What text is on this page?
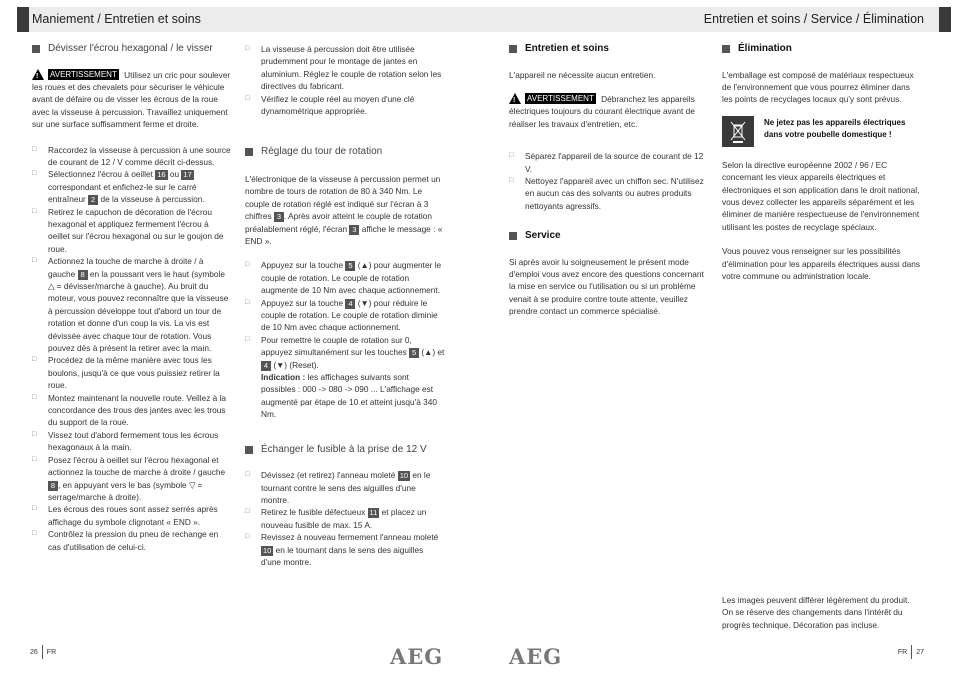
Maniement / Entretien et soins
Dévisser l'écrou hexagonal / le visser
! AVERTISSEMENT Utilisez un cric pour soulever les roues et des chevalets pour sécuriser le véhicule avant de défaire ou de visser les écrous de la roue avec la visseuse à percussion. Travaillez uniquement sur une surface suffisamment ferme et droite.
□ Raccordez la visseuse à percussion à une source de courant de 12 / V comme décrit ci-dessus.
□ Sélectionnez l'écrou à oeillet 16 ou 17 correspondant et enfichez-le sur le carré entraîneur 2 de la visseuse à percussion.
□ Retirez le capuchon de décoration de l'écrou hexagonal et appliquez fermement l'écrou à oeillet sur l'écrou hexagonal ou sur le goujon de roue.
□ Actionnez la touche de marche à droite / à gauche 8 en la poussant vers le haut (symbole △ = dévisser/marche à gauche). Au bruit du moteur, vous pouvez reconnaître que la visseuse à percussion développe tout d'abord un tour de rotation et donne d'un coup la vis. La vis est dévissée avec chaque tour de rotation. Vous pouvez dès à présent la retirer avec la main.
□ Procédez de la même manière avec tous les boulons, jusqu'à ce que vous puissiez retirer la roue.
□ Montez maintenant la nouvelle route. Veillez à la concordance des trous des jantes avec les trous du support de la roue.
□ Vissez tout d'abord fermement tous les écrous hexagonaux à la main.
□ Posez l'écrou à oeillet sur l'écrou hexagonal et actionnez la touche de marche à droite / gauche 8 , en appuyant vers le bas (symbole ▽ = serrage/marche à droite).
□ Les écrous des roues sont assez serrés après affichage du symbole clignotant « END ».
□ Contrôlez la pression du pneu de rechange en cas d'utilisation de celui-ci.
□ La visseuse à percussion doit être utilisée prudemment pour le montage de jantes en aluminium. Réglez le couple de rotation selon les directives du fabricant.
□ Vérifiez le couple réel au moyen d'une clé dynamométrique appropriée.
Réglage du tour de rotation
L'électronique de la visseuse à percussion permet un nombre de tours de rotation de 80 à 340 Nm. Le couple de rotation réglé est indiqué sur l'écran à 3 chiffres 3 . Après avoir atteint le couple de rotation préalablement réglé, l'écran 3 affiche le message : « END ».
□ Appuyez sur la touche 5 (▲) pour augmenter le couple de rotation. Le couple de rotation augmente de 10 Nm avec chaque actionnement.
□ Appuyez sur la touche 4 (▼) pour réduire le couple de rotation. Le couple de rotation diminie de 10 Nm avec chaque actionnement.
□ Pour remettre le couple de rotation sur 0, appuyez simultanément sur les touches 5 (▲) et 4 (▼) (Reset).
Indication : les affichages suivants sont possibles : 000 -> 080 -> 090 ... L'affichage est augmenté par étape de 10 et atteint jusqu'à 340 Nm.
Échanger le fusible à la prise de 12 V
□ Dévissez (et retirez) l'anneau moleté 10 en le tournant contre le sens des aiguilles d'une montre.
□ Retirez le fusible défectueux 11 et placez un nouveau fusible de max. 15 A.
□ Revissez à nouveau fermement l'anneau moleté 10 en le tournant dans le sens des aiguilles d'une montre.
26 FR	AEG
Entretien et soins / Service / Élimination
Entretien et soins
L'appareil ne nécessite aucun entretien.
! AVERTISSEMENT Débranchez les appareils électriques toujours du courant électrique avant de réaliser les travaux d'entretien, etc.
□ Séparez l'appareil de la source de courant de 12 V.
□ Nettoyez l'appareil avec un chiffon sec. N'utilisez en aucun cas des solvants ou autres produits nettoyants agressifs.
Service
Si après avoir lu soigneusement le présent mode d'emploi vous avez encore des questions concernant la mise en service ou l'utilisation ou si un problème venait à se produire contre toute attente, veuillez prendre contact un commerce spécialisé.
Élimination
L'emballage est composé de matériaux respectueux de l'environnement que vous pourrez éliminer dans les points de recyclages locaux qu'y sont prévus.
Ne jetez pas les appareils électriques dans votre poubelle domestique !
Selon la directive européenne 2002 / 96 / EC concernant les vieux appareils électriques et électroniques et son application dans le droit national, vous devez collecter les appareils séparément et les éliminer de manière respectueuse de l'environnement utilisant les postes de recyclage spéciaux.
Vous pouvez vous renseigner sur les possibilités d'élimination pour les appareils électriques aussi dans votre commune ou administration locale.
Les images peuvent différer légèrement du produit. On se réserve des changements dans l'intérêt du progrès technique. Décoration pas incluse.
AEG	FR 27
